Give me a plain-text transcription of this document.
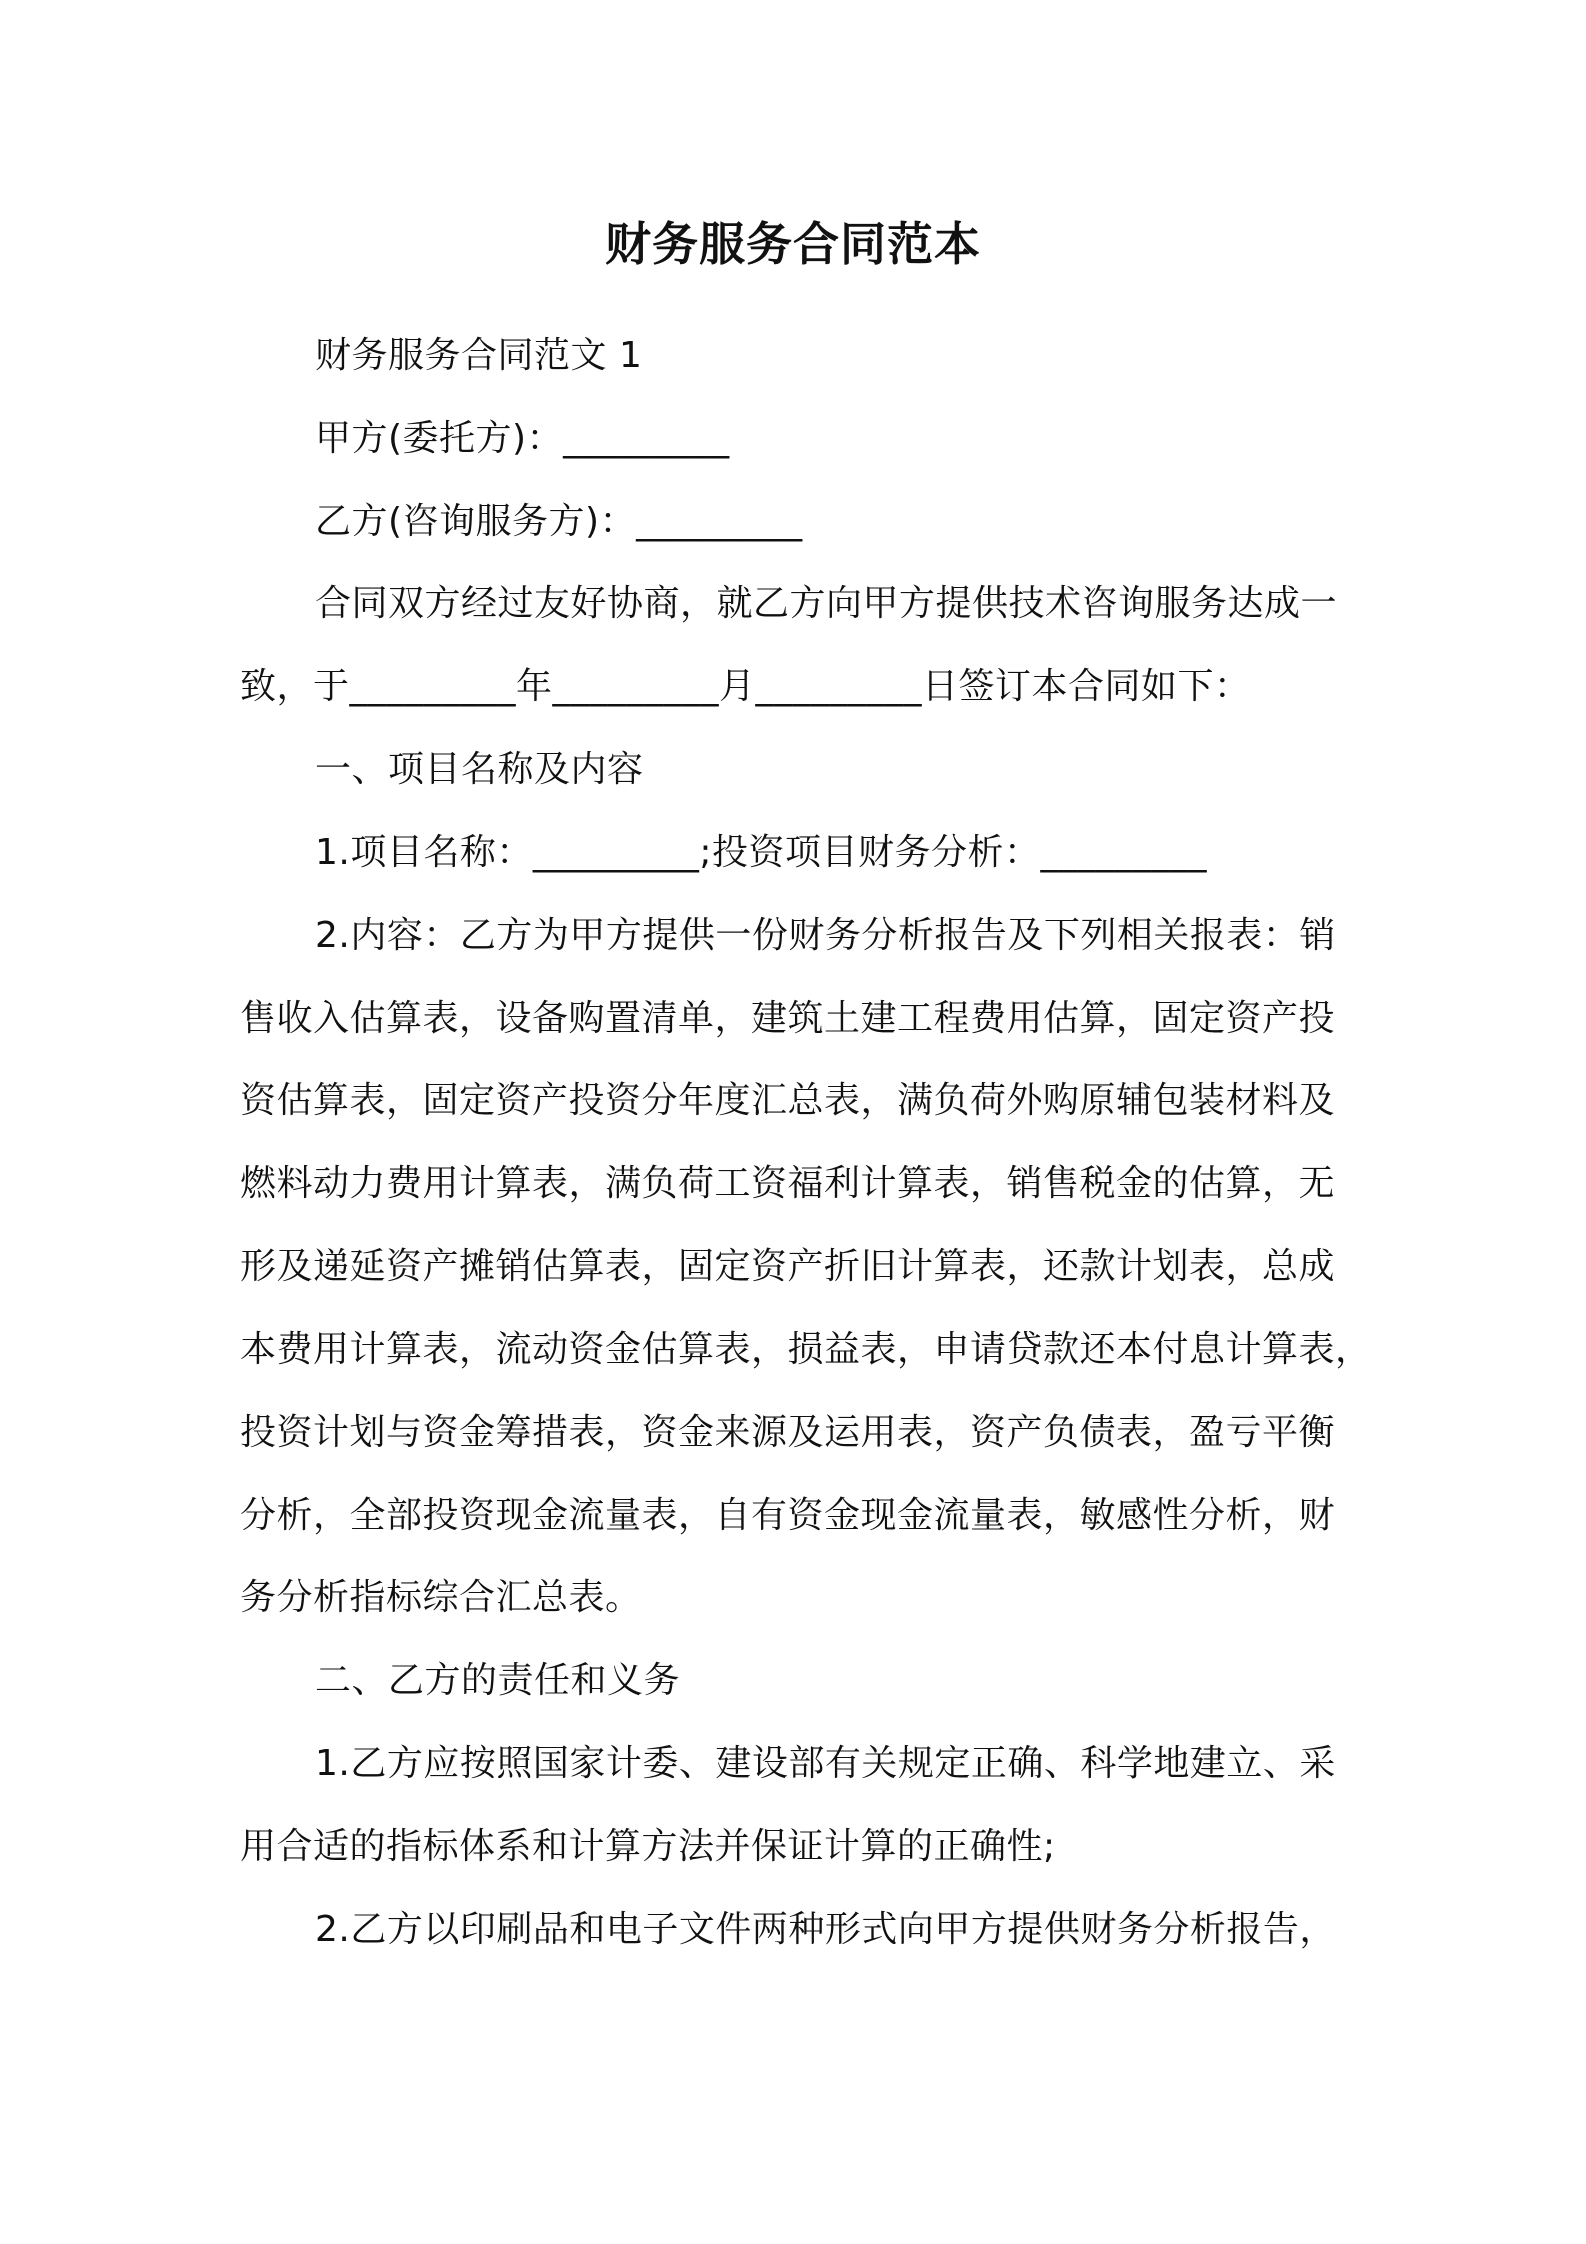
财务服务合同范本
财务服务合同范文 1
甲方(委托方)：_________
乙方(咨询服务方)：_________
合同双方经过友好协商，就乙方向甲方提供技术咨询服务达成一
致，于_________年_________月_________日签订本合同如下：
一、项目名称及内容
1.项目名称：_________;投资项目财务分析：_________
2.内容：乙方为甲方提供一份财务分析报告及下列相关报表：销
售收入估算表，设备购置清单，建筑土建工程费用估算，固定资产投
资估算表，固定资产投资分年度汇总表，满负荷外购原辅包装材料及
燃料动力费用计算表，满负荷工资福利计算表，销售税金的估算，无
形及递延资产摊销估算表，固定资产折旧计算表，还款计划表，总成
本费用计算表，流动资金估算表，损益表，申请贷款还本付息计算表，
投资计划与资金筹措表，资金来源及运用表，资产负债表，盈亏平衡
分析，全部投资现金流量表，自有资金现金流量表，敏感性分析，财
务分析指标综合汇总表。
二、乙方的责任和义务
1.乙方应按照国家计委、建设部有关规定正确、科学地建立、采
用合适的指标体系和计算方法并保证计算的正确性;
2.乙方以印刷品和电子文件两种形式向甲方提供财务分析报告，
